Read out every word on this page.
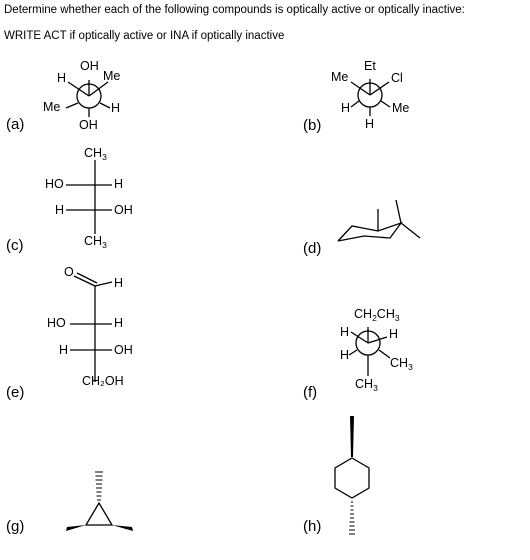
Determine whether each of the following compounds is optically active or optically inactive:
WRITE ACT if optically active or INA if optically inactive
(a)	(b)
(c)	(d)
(e)	(f)
(g)	(h)
OH
H	Me
Me	H
OH
Et
Me	Cl
H	Me
H
$CH_3$
HO	H
H	OH
$CH_3$
O
H
HO	H
H	OH
CH₂OH
$CH_2CH_3$
H
H
H
$CH_3$
$CH_3$
